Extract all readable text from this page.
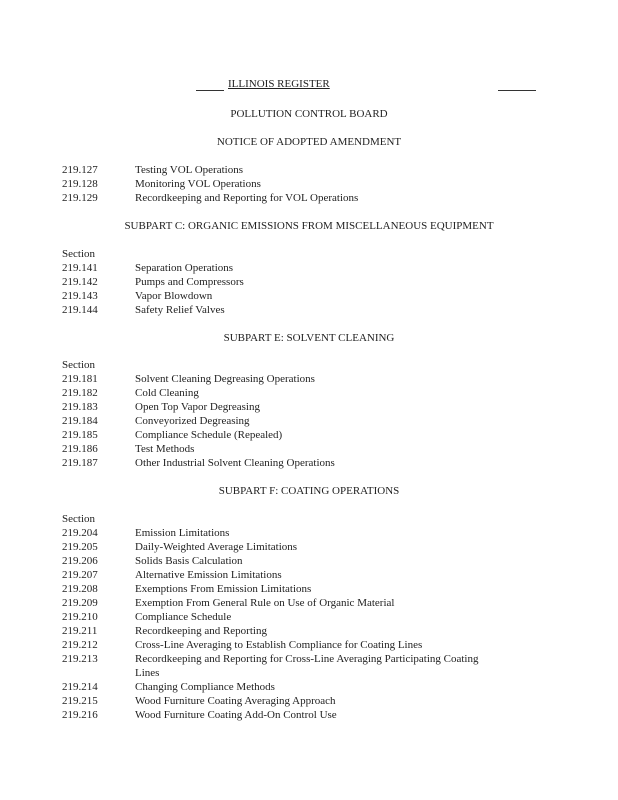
ILLINOIS REGISTER
POLLUTION CONTROL BOARD
NOTICE OF ADOPTED AMENDMENT
219.127	Testing VOL Operations
219.128	Monitoring VOL Operations
219.129	Recordkeeping and Reporting for VOL Operations
SUBPART C: ORGANIC EMISSIONS FROM MISCELLANEOUS EQUIPMENT
Section
219.141	Separation Operations
219.142	Pumps and Compressors
219.143	Vapor Blowdown
219.144	Safety Relief Valves
SUBPART E: SOLVENT CLEANING
Section
219.181	Solvent Cleaning Degreasing Operations
219.182	Cold Cleaning
219.183	Open Top Vapor Degreasing
219.184	Conveyorized Degreasing
219.185	Compliance Schedule (Repealed)
219.186	Test Methods
219.187	Other Industrial Solvent Cleaning Operations
SUBPART F: COATING OPERATIONS
Section
219.204	Emission Limitations
219.205	Daily-Weighted Average Limitations
219.206	Solids Basis Calculation
219.207	Alternative Emission Limitations
219.208	Exemptions From Emission Limitations
219.209	Exemption From General Rule on Use of Organic Material
219.210	Compliance Schedule
219.211	Recordkeeping and Reporting
219.212	Cross-Line Averaging to Establish Compliance for Coating Lines
219.213	Recordkeeping and Reporting for Cross-Line Averaging Participating Coating
Lines
219.214	Changing Compliance Methods
219.215	Wood Furniture Coating Averaging Approach
219.216	Wood Furniture Coating Add-On Control Use
